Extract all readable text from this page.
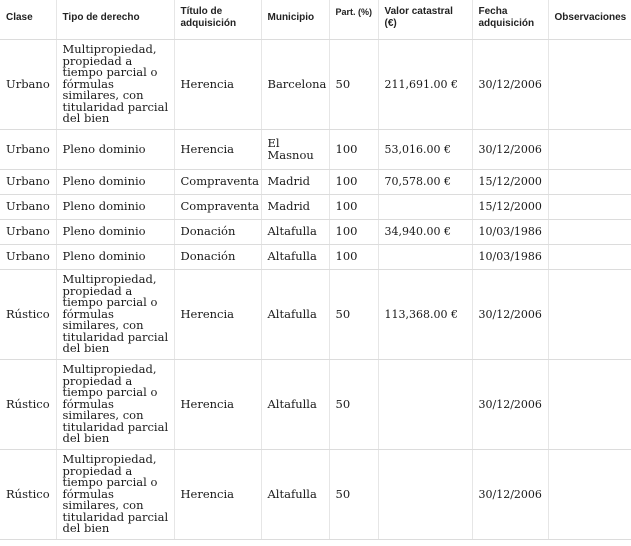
Clase	Tipo de derecho	Título de adquisición	Municipio	Part. (%)	Valor catastral (€)	Fecha adquisición	Observaciones
Urbano	Multipropiedad, propiedad a tiempo parcial o fórmulas similares, con titularidad parcial del bien	Herencia	Barcelona	50	211,691.00 €	30/12/2006	
Urbano	Pleno dominio	Herencia	El Masnou	100	53,016.00 €	30/12/2006	
Urbano	Pleno dominio	Compraventa	Madrid	100	70,578.00 €	15/12/2000	
Urbano	Pleno dominio	Compraventa	Madrid	100		15/12/2000	
Urbano	Pleno dominio	Donación	Altafulla	100	34,940.00 €	10/03/1986	
Urbano	Pleno dominio	Donación	Altafulla	100		10/03/1986	
Rústico	Multipropiedad, propiedad a tiempo parcial o fórmulas similares, con titularidad parcial del bien	Herencia	Altafulla	50	113,368.00 €	30/12/2006	
Rústico	Multipropiedad, propiedad a tiempo parcial o fórmulas similares, con titularidad parcial del bien	Herencia	Altafulla	50		30/12/2006	
Rústico	Multipropiedad, propiedad a tiempo parcial o fórmulas similares, con titularidad parcial del bien	Herencia	Altafulla	50		30/12/2006	
